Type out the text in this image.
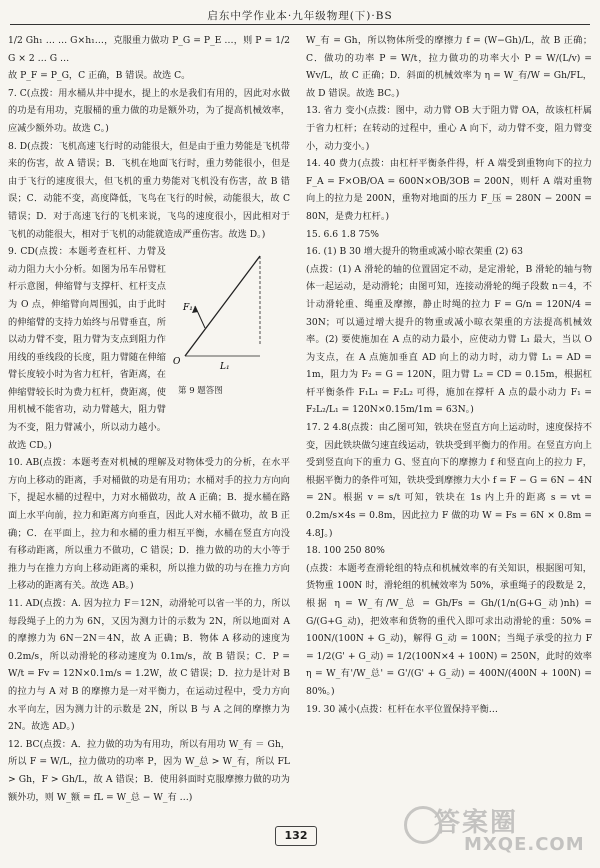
启东中学作业本·九年级物理(下)·BS

1/2 Gh₁ … … G×h₁…，克服重力做功 P_G = P_E …，则 P = 1/2 G × 2 … G …

故 P_F = P_G，C 正确，B 错误。故选 C。

7. C(点拨：用水桶从井中提水，提上的水是我们有用的，因此对水做的功是有用功，克服桶的重力做的功是额外功，为了提高机械效率，应减少额外功。故选 C。)

8. D(点拨：飞机高速飞行时的动能很大，但是由于重力势能是飞机带来的伤害，故 A 错误；B．飞机在地面飞行时，重力势能很小，但是由于飞行的速度很大，但飞机的重力势能对飞机没有伤害，故 B 错误；C．动能不变，高度降低，飞鸟在飞行的时候，动能很大，故 C 错误；D．对于高速飞行的飞机来说，飞鸟的速度很小，因此相对于飞机的动能很大，相对于飞机的动能就造成严重伤害。故选 D。)

9. CD(点拨：本题考查杠杆、力臂及动力阻力大小分析。如图为吊车吊臂杠杆示意图，伸缩臂与支撑杆、杠杆支点为 O 点，伸缩臂向周围弧，由于此时的伸缩臂的支持力始终与吊臂垂直，所以动力臂不变，阻力臂为支点到阻力作用线的垂线段的长度，阻力臂随在伸缩臂长度较小时为省力杠杆，省距离，在伸缩臂较长时为费力杠杆，费距离，使用机械不能省功，动力臂越大，阻力臂为不变，阻力臂减小，所以动力越小。故选 CD。)

10. AB(点拨：本题考查对机械的理解及对物体受力的分析，在水平方向上移动的距离，手对桶做的功是有用功；水桶对手的拉力方向向下，提起水桶的过程中，力对水桶做功，故 A 正确；B．提水桶在路面上水平向前，拉力和距离方向垂直，因此人对水桶不做功，故 B 正确；C．在平面上，拉力和水桶的重力相互平衡，水桶在竖直方向没有移动距离，所以重力不做功，C 错误；D．推力做的功的大小等于推力与在推力方向上移动距离的乘积，所以推力做的功与在推力方向上移动的距离有关。故选 AB。)

11. AD(点拨：A. 因为拉力 F＝12N，动滑轮可以省一半的力，所以每段绳子上的力为 6N，又因为测力计的示数为 2N，所以地面对 A 的摩擦力为 6N－2N＝4N，故 A 正确；B．物体 A 移动的速度为 0.2m/s，所以动滑轮的移动速度为 0.1m/s，故 B 错误；C．P = W/t = Fv = 12N×0.1m/s = 1.2W，故 C 错误；D．拉力是计对 B 的拉力与 A 对 B 的摩擦力是一对平衡力，在运动过程中，受力方向水平向左，因为测力计的示数是 2N，所以 B 与 A 之间的摩擦力为 2N。故选 AD。)

12. BC(点拨：A．拉力做的功为有用功，所以有用功 W_有 ＝ Gh，所以 F = W/L，拉力做功的功率 P，因为 W_总 > W_有，所以 FL > Gh，F > Gh/L，故 A 错误；B．使用斜面时克服摩擦力做的功为额外功，则 W_额 = fL = W_总 − W_有 …)

F₁
O	L₁
第 9 题答图

W_有 = Gh，所以物体所受的摩擦力 f = (W−Gh)/L，故 B 正确；C．做功的功率 P = W/t，拉力做功的功率大小 P = W/(L/v) = Wv/L，故 C 正确；D．斜面的机械效率为 η = W_有/W = Gh/FL，故 D 错误。故选 BC。)

13. 省力 变小(点拨：图中，动力臂 OB 大于阻力臂 OA，故该杠杆属于省力杠杆；在转动的过程中，重心 A 向下，动力臂不变，阻力臂变小，动力变小。)

14. 40 费力(点拨：由杠杆平衡条件得，杆 A 端受到重物向下的拉力 F_A = F×OB/OA = 600N×OB/3OB = 200N，则杆 A 端对重物向上的拉力是 200N，重物对地面的压力 F_压 = 280N − 200N = 80N，是费力杠杆。)

15. 6.6 1.8 75%

16. (1) B 30 增大提升的物重或减小晾衣架重 (2) 63

(点拨：(1) A 滑轮的轴的位置固定不动，是定滑轮，B 滑轮的轴与物体一起运动，是动滑轮；由图可知，连接动滑轮的绳子段数 n＝4，不计动滑轮重、绳重及摩擦，静止时绳的拉力 F = G/n = 120N/4 = 30N；可以通过增大提升的物重或减小晾衣架重的方法提高机械效率。(2) 要使施加在 A 点的动力最小，应使动力臂 L₁ 最大，当以 O 为支点，在 A 点施加垂直 AD 向上的动力时，动力臂 L₁ = AD = 1m，阻力为 F₂ = G = 120N，阻力臂 L₂ = CD = 0.15m，根据杠杆平衡条件 F₁L₁ = F₂L₂ 可得，施加在撑杆 A 点的最小动力 F₁ = F₂L₂/L₁ = 120N×0.15m/1m = 63N。)

17. 2 4.8(点拨：由乙图可知，铁块在竖直方向上运动时，速度保持不变，因此铁块做匀速直线运动，铁块受到平衡力的作用。在竖直方向上受到竖直向下的重力 G、竖直向下的摩擦力 f 和竖直向上的拉力 F，根据平衡力的条件可知，铁块受到摩擦力大小 f = F − G = 6N − 4N = 2N。根据 v = s/t 可知，铁块在 1s 内上升的距离 s = vt = 0.2m/s×4s = 0.8m，因此拉力 F 做的功 W = Fs = 6N × 0.8m = 4.8J。)

18. 100 250 80%

(点拨：本题考查滑轮组的特点和机械效率的有关知识，根据图可知，货物重 100N 时，滑轮组的机械效率为 50%，承重绳子的段数是 2，根据 η = W_有/W_总 = Gh/Fs = Gh/(1/n(G+G_动)nh) = G/(G+G_动)，把效率和货物的重代入即可求出动滑轮的重：50% = 100N/(100N + G_动)，解得 G_动 = 100N；当绳子承受的拉力 F = 1/2(G' + G_动) = 1/2(100N×4 + 100N) = 250N，此时的效率 η = W_有'/W_总' = G'/(G' + G_动) = 400N/(400N + 100N) = 80%。)

19. 30 减小(点拨：杠杆在水平位置保持平衡…

132	答案圈
MXQE.COM
